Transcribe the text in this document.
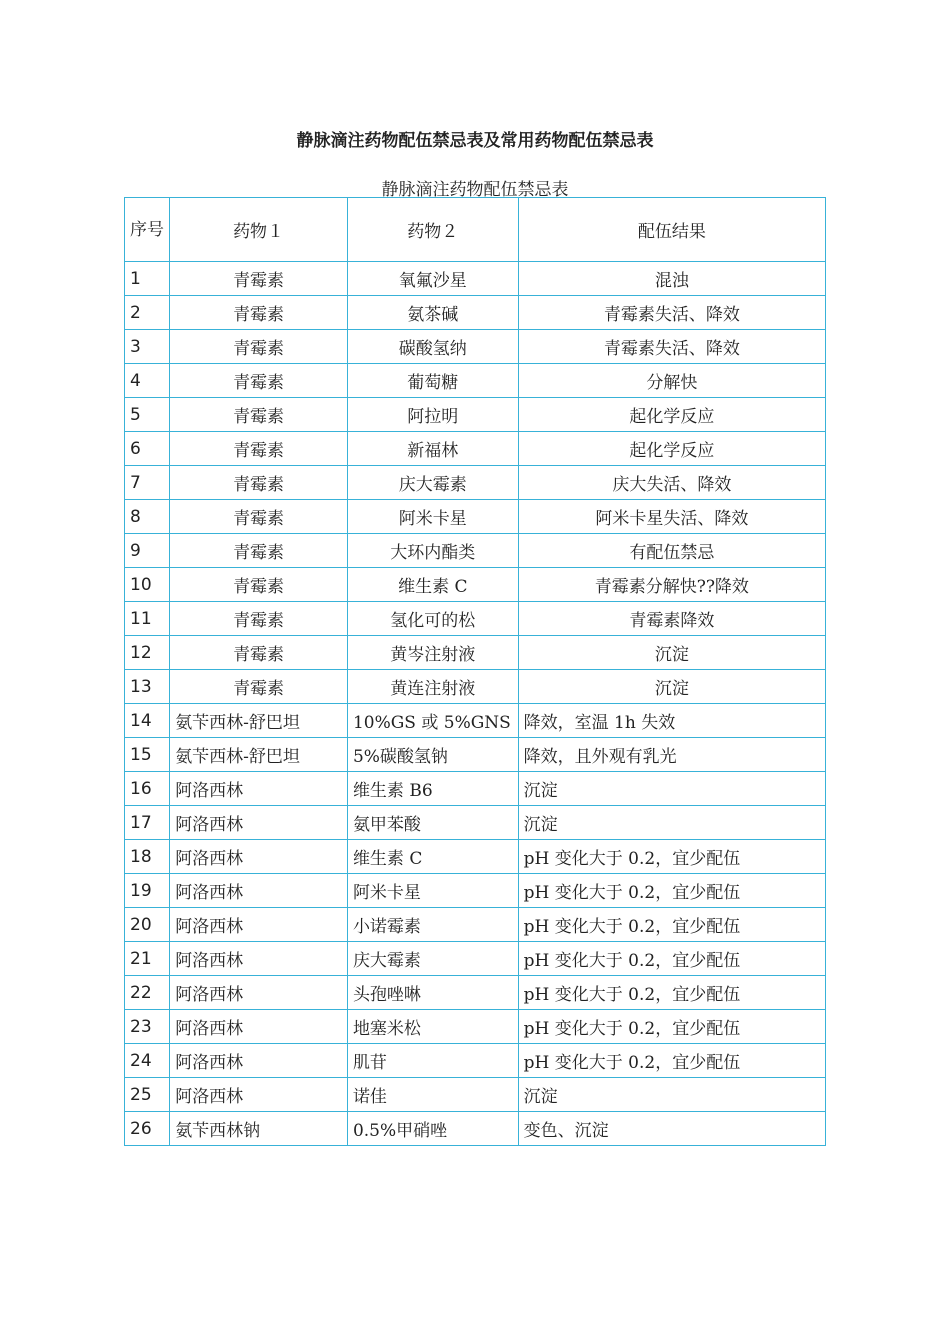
静脉滴注药物配伍禁忌表及常用药物配伍禁忌表
静脉滴注药物配伍禁忌表
序号	药物１	药物２	配伍结果
1	青霉素	氧氟沙星	混浊
2	青霉素	氨茶碱	青霉素失活、降效
3	青霉素	碳酸氢纳	青霉素失活、降效
4	青霉素	葡萄糖	分解快
5	青霉素	阿拉明	起化学反应
6	青霉素	新福林	起化学反应
7	青霉素	庆大霉素	庆大失活、降效
8	青霉素	阿米卡星	阿米卡星失活、降效
9	青霉素	大环内酯类	有配伍禁忌
10	青霉素	维生素 C	青霉素分解快??降效
11	青霉素	氢化可的松	青霉素降效
12	青霉素	黄岑注射液	沉淀
13	青霉素	黄连注射液	沉淀
14	氨苄西林-舒巴坦	10%GS 或 5%GNS	降效，室温 1h 失效
15	氨苄西林-舒巴坦	5%碳酸氢钠	降效，且外观有乳光
16	阿洛西林	维生素 B6	沉淀
17	阿洛西林	氨甲苯酸	沉淀
18	阿洛西林	维生素 C	pH 变化大于 0.2，宜少配伍
19	阿洛西林	阿米卡星	pH 变化大于 0.2，宜少配伍
20	阿洛西林	小诺霉素	pH 变化大于 0.2，宜少配伍
21	阿洛西林	庆大霉素	pH 变化大于 0.2，宜少配伍
22	阿洛西林	头孢唑啉	pH 变化大于 0.2，宜少配伍
23	阿洛西林	地塞米松	pH 变化大于 0.2，宜少配伍
24	阿洛西林	肌苷	pH 变化大于 0.2，宜少配伍
25	阿洛西林	诺佳	沉淀
26	氨苄西林钠	0.5%甲硝唑	变色、沉淀
